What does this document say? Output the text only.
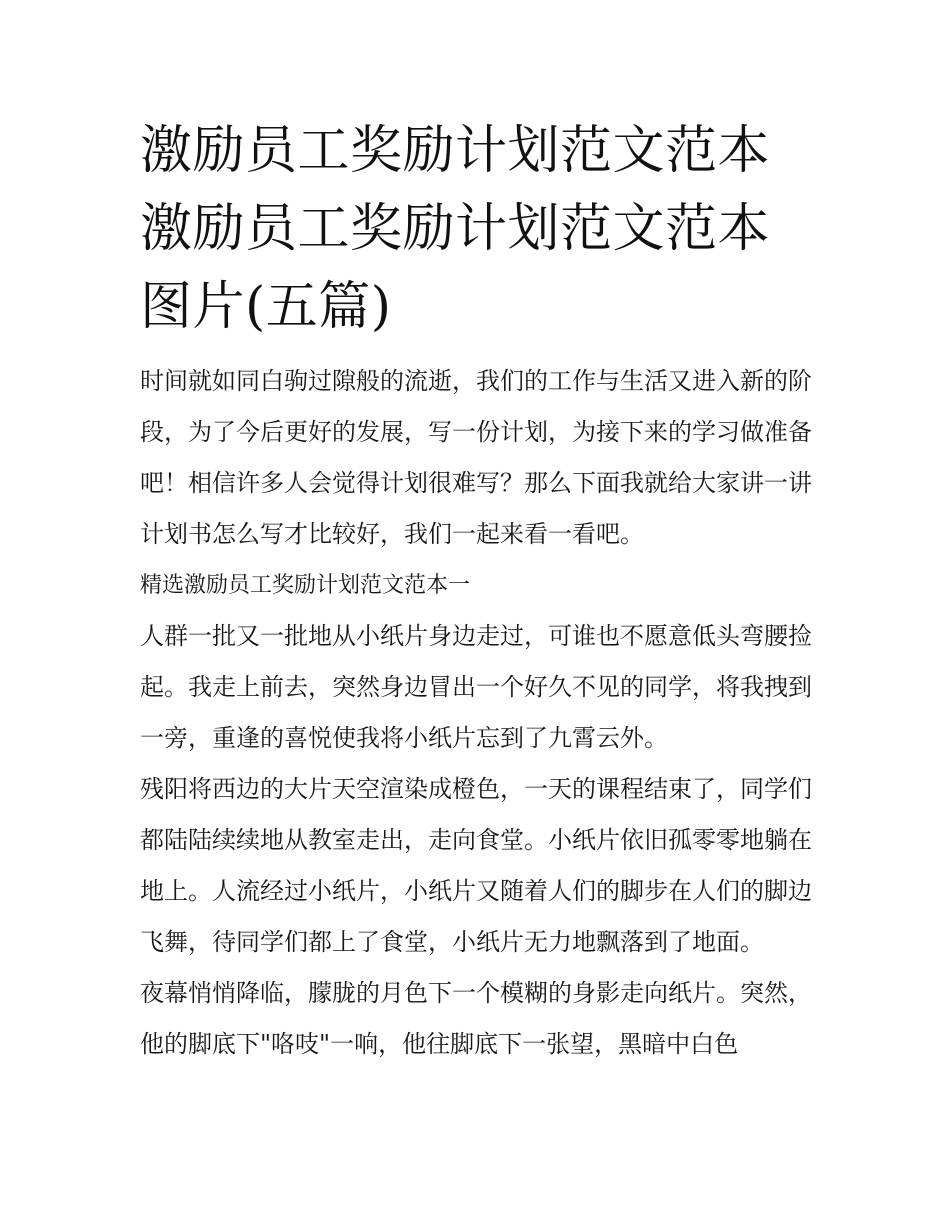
激励员工奖励计划范文范本 激励员工奖励计划范文范本图片(五篇)

时间就如同白驹过隙般的流逝，我们的工作与生活又进入新的阶段，为了今后更好的发展，写一份计划，为接下来的学习做准备吧！相信许多人会觉得计划很难写？那么下面我就给大家讲一讲计划书怎么写才比较好，我们一起来看一看吧。

精选激励员工奖励计划范文范本一

人群一批又一批地从小纸片身边走过，可谁也不愿意低头弯腰捡起。我走上前去，突然身边冒出一个好久不见的同学，将我拽到一旁，重逢的喜悦使我将小纸片忘到了九霄云外。

残阳将西边的大片天空渲染成橙色，一天的课程结束了，同学们都陆陆续续地从教室走出，走向食堂。小纸片依旧孤零零地躺在地上。人流经过小纸片，小纸片又随着人们的脚步在人们的脚边飞舞，待同学们都上了食堂，小纸片无力地飘落到了地面。

夜幕悄悄降临，朦胧的月色下一个模糊的身影走向纸片。突然，他的脚底下"咯吱"一响，他往脚底下一张望，黑暗中白色
